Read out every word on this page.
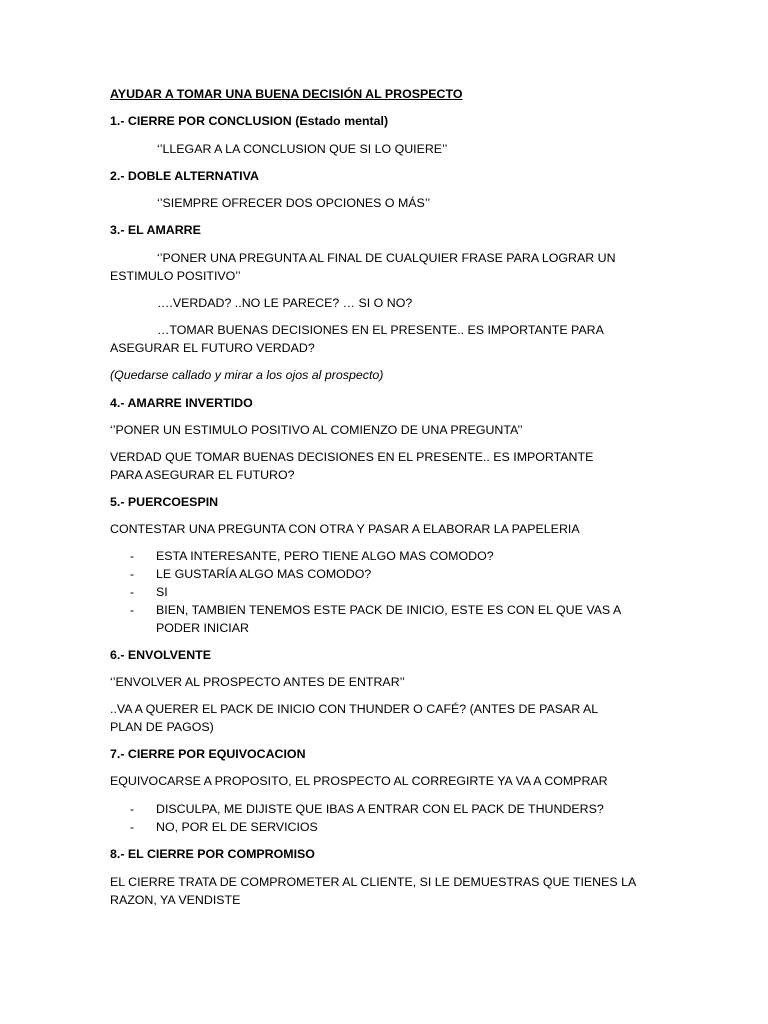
AYUDAR A TOMAR UNA BUENA DECISIÓN AL PROSPECTO

1.- CIERRE POR CONCLUSION (Estado mental)

‘’LLEGAR A LA CONCLUSION QUE SI LO QUIERE’’

2.- DOBLE ALTERNATIVA

‘’SIEMPRE OFRECER DOS OPCIONES O MÁS’’

3.- EL AMARRE

‘’PONER UNA PREGUNTA AL FINAL DE CUALQUIER FRASE PARA LOGRAR UN ESTIMULO POSITIVO’’

….VERDAD? ..NO LE PARECE? … SI O NO?

…TOMAR BUENAS DECISIONES EN EL PRESENTE.. ES IMPORTANTE PARA ASEGURAR EL FUTURO VERDAD?

(Quedarse callado y mirar a los ojos al prospecto)

4.- AMARRE INVERTIDO

‘’PONER UN ESTIMULO POSITIVO AL COMIENZO DE UNA PREGUNTA’’

VERDAD QUE TOMAR BUENAS DECISIONES EN EL PRESENTE.. ES IMPORTANTE PARA ASEGURAR EL FUTURO?

5.- PUERCOESPIN

CONTESTAR UNA PREGUNTA CON OTRA Y PASAR A ELABORAR LA PAPELERIA

- ESTA INTERESANTE, PERO TIENE ALGO MAS COMODO?
- LE GUSTARÍA ALGO MAS COMODO?
- SI
- BIEN, TAMBIEN TENEMOS ESTE PACK DE INICIO, ESTE ES CON EL QUE VAS A PODER INICIAR

6.- ENVOLVENTE

‘’ENVOLVER AL PROSPECTO ANTES DE ENTRAR’’

..VA A QUERER EL PACK DE INICIO CON THUNDER O CAFÉ? (ANTES DE PASAR AL PLAN DE PAGOS)

7.- CIERRE POR EQUIVOCACION

EQUIVOCARSE A PROPOSITO, EL PROSPECTO AL CORREGIRTE YA VA A COMPRAR

- DISCULPA, ME DIJISTE QUE IBAS A ENTRAR CON EL PACK DE THUNDERS?
- NO, POR EL DE SERVICIOS

8.- EL CIERRE POR COMPROMISO

EL CIERRE TRATA DE COMPROMETER AL CLIENTE, SI LE DEMUESTRAS QUE TIENES LA RAZON, YA VENDISTE
